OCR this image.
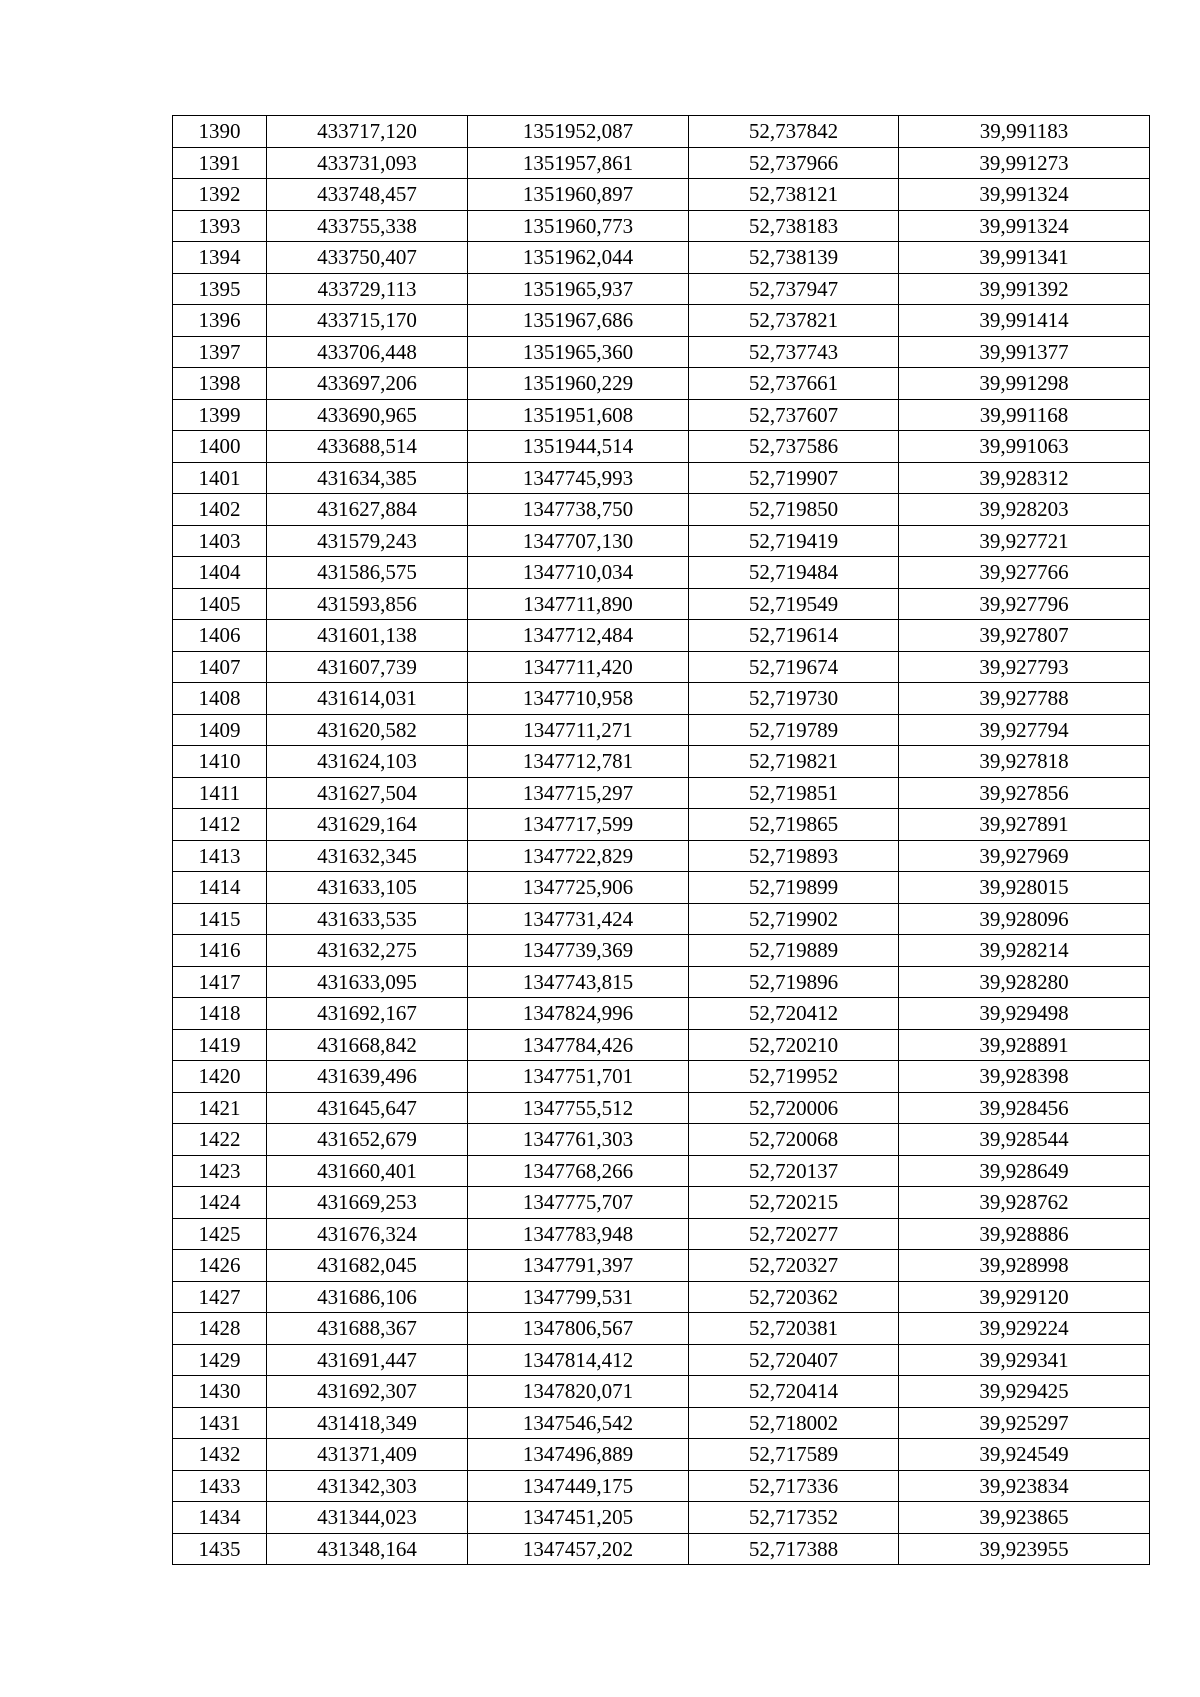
1390	433717,120	1351952,087	52,737842	39,991183
1391	433731,093	1351957,861	52,737966	39,991273
1392	433748,457	1351960,897	52,738121	39,991324
1393	433755,338	1351960,773	52,738183	39,991324
1394	433750,407	1351962,044	52,738139	39,991341
1395	433729,113	1351965,937	52,737947	39,991392
1396	433715,170	1351967,686	52,737821	39,991414
1397	433706,448	1351965,360	52,737743	39,991377
1398	433697,206	1351960,229	52,737661	39,991298
1399	433690,965	1351951,608	52,737607	39,991168
1400	433688,514	1351944,514	52,737586	39,991063
1401	431634,385	1347745,993	52,719907	39,928312
1402	431627,884	1347738,750	52,719850	39,928203
1403	431579,243	1347707,130	52,719419	39,927721
1404	431586,575	1347710,034	52,719484	39,927766
1405	431593,856	1347711,890	52,719549	39,927796
1406	431601,138	1347712,484	52,719614	39,927807
1407	431607,739	1347711,420	52,719674	39,927793
1408	431614,031	1347710,958	52,719730	39,927788
1409	431620,582	1347711,271	52,719789	39,927794
1410	431624,103	1347712,781	52,719821	39,927818
1411	431627,504	1347715,297	52,719851	39,927856
1412	431629,164	1347717,599	52,719865	39,927891
1413	431632,345	1347722,829	52,719893	39,927969
1414	431633,105	1347725,906	52,719899	39,928015
1415	431633,535	1347731,424	52,719902	39,928096
1416	431632,275	1347739,369	52,719889	39,928214
1417	431633,095	1347743,815	52,719896	39,928280
1418	431692,167	1347824,996	52,720412	39,929498
1419	431668,842	1347784,426	52,720210	39,928891
1420	431639,496	1347751,701	52,719952	39,928398
1421	431645,647	1347755,512	52,720006	39,928456
1422	431652,679	1347761,303	52,720068	39,928544
1423	431660,401	1347768,266	52,720137	39,928649
1424	431669,253	1347775,707	52,720215	39,928762
1425	431676,324	1347783,948	52,720277	39,928886
1426	431682,045	1347791,397	52,720327	39,928998
1427	431686,106	1347799,531	52,720362	39,929120
1428	431688,367	1347806,567	52,720381	39,929224
1429	431691,447	1347814,412	52,720407	39,929341
1430	431692,307	1347820,071	52,720414	39,929425
1431	431418,349	1347546,542	52,718002	39,925297
1432	431371,409	1347496,889	52,717589	39,924549
1433	431342,303	1347449,175	52,717336	39,923834
1434	431344,023	1347451,205	52,717352	39,923865
1435	431348,164	1347457,202	52,717388	39,923955
